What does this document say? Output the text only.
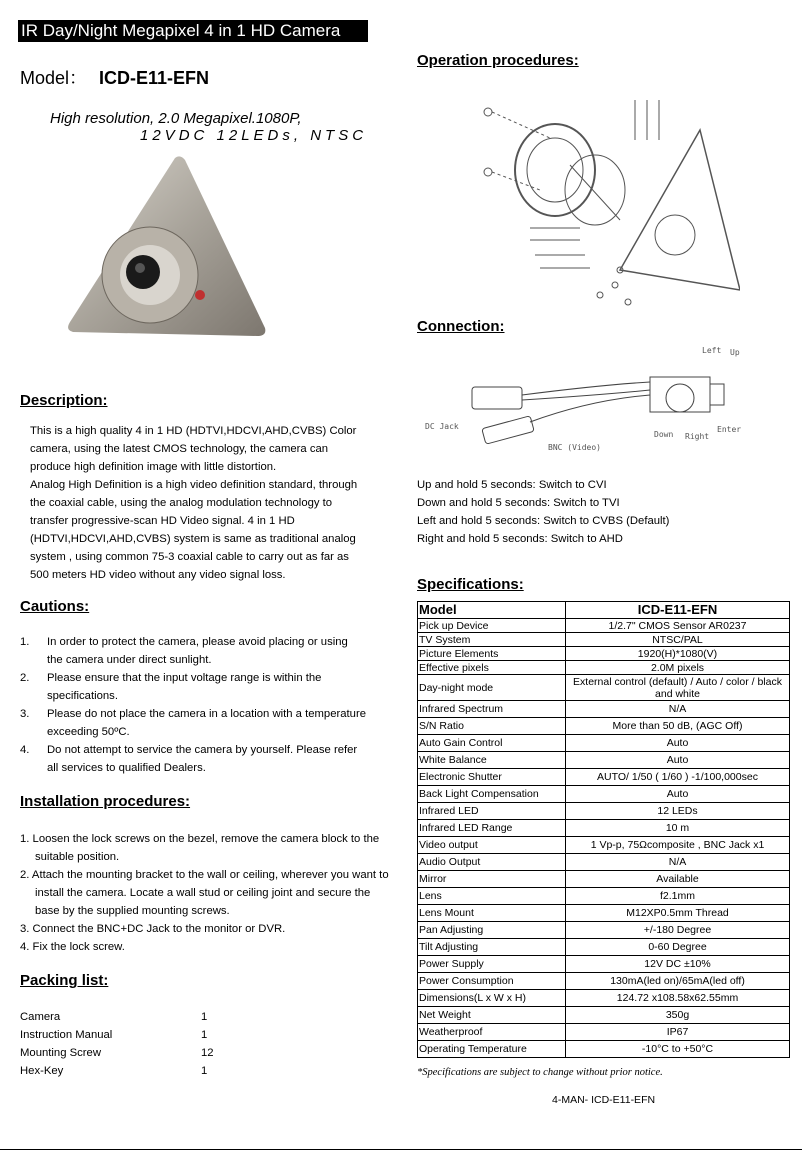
IR Day/Night Megapixel 4 in 1 HD Camera
Model： ICD-E11-EFN
High resolution, 2.0 Megapixel.1080P,
12VDC 12LEDs, NTSC
Description:
This is a high quality 4 in 1 HD (HDTVI,HDCVI,AHD,CVBS) Color
camera, using the latest CMOS technology, the camera can
produce high definition image with little distortion.
Analog High Definition is a high video definition standard, through
the coaxial cable, using the analog modulation technology to
transfer progressive-scan HD Video signal. 4 in 1 HD
(HDTVI,HDCVI,AHD,CVBS) system is same as traditional analog
system , using common 75-3 coaxial cable to carry out as far as
500 meters HD video without any video signal loss.
Cautions:
1. In order to protect the camera, please avoid placing or using
the camera under direct sunlight.
2. Please ensure that the input voltage range is within the
specifications.
3. Please do not place the camera in a location with a temperature
exceeding 50ºC.
4. Do not attempt to service the camera by yourself. Please refer
all services to qualified Dealers.
Installation procedures:
1. Loosen the lock screws on the bezel, remove the camera block to the suitable position.
2. Attach the mounting bracket to the wall or ceiling, wherever you want to install the camera. Locate a wall stud or ceiling joint and secure the base by the supplied mounting screws.
3. Connect the BNC+DC Jack to the monitor or DVR.
4. Fix the lock screw.
Packing list:
Camera	1
Instruction Manual	1
Mounting Screw	12
Hex-Key	1
Operation procedures:
Connection:
DC Jack
BNC (Video)
Left Up
Down Right
Enter
Up and hold 5 seconds: Switch to CVI
Down and hold 5 seconds: Switch to TVI
Left and hold 5 seconds: Switch to CVBS (Default)
Right and hold 5 seconds: Switch to AHD
Specifications:
Model	ICD-E11-EFN
Pick up Device	1/2.7" CMOS Sensor AR0237
TV System	NTSC/PAL
Picture Elements	1920(H)*1080(V)
Effective pixels	2.0M pixels
Day-night mode	External control (default) / Auto / color / black and white
Infrared Spectrum	N/A
S/N Ratio	More than 50 dB, (AGC Off)
Auto Gain Control	Auto
White Balance	Auto
Electronic Shutter	AUTO/ 1/50 ( 1/60 ) -1/100,000sec
Back Light Compensation	Auto
Infrared LED	12 LEDs
Infrared LED Range	10 m
Video output	1 Vp-p, 75Ωcomposite , BNC Jack x1
Audio Output	N/A
Mirror	Available
Lens	f2.1mm
Lens Mount	M12XP0.5mm Thread
Pan Adjusting	+/-180 Degree
Tilt Adjusting	0-60 Degree
Power Supply	12V DC ±10%
Power Consumption	130mA(led on)/65mA(led off)
Dimensions(L x W x H)	124.72 x108.58x62.55mm
Net Weight	350g
Weatherproof	IP67
Operating Temperature	-10°C to +50°C
*Specifications are subject to change without prior notice.
4-MAN- ICD-E11-EFN
